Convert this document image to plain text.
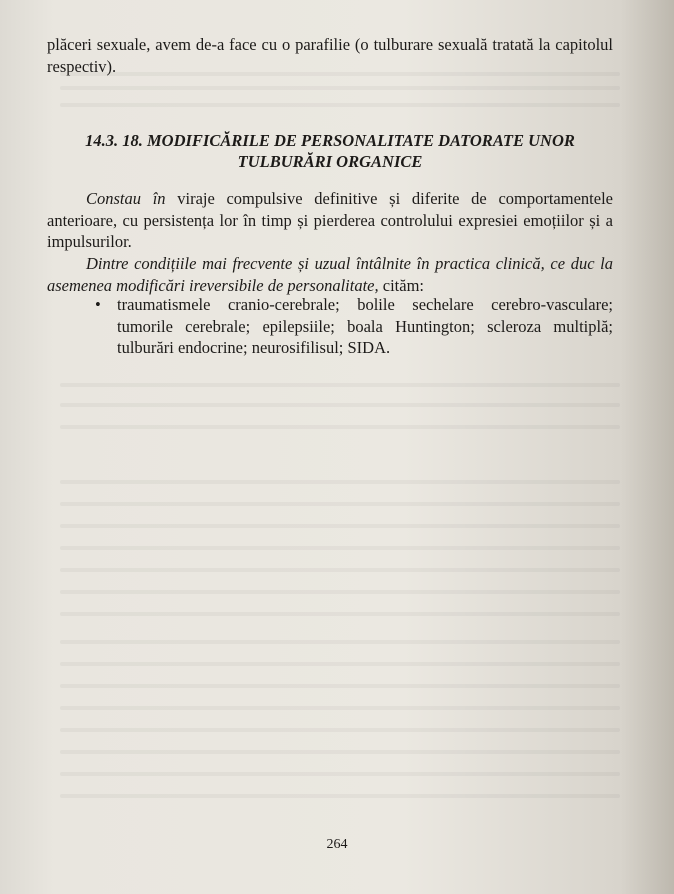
plăceri sexuale, avem de-a face cu o parafilie (o tulburare sexuală tratată la capitolul respectiv).
14.3. 18. MODIFICĂRILE DE PERSONALITATE DATORATE UNOR TULBURĂRI ORGANICE
Constau în viraje compulsive definitive și diferite de comportamentele anterioare, cu persistența lor în timp și pierderea controlului expresiei emoțiilor și a impulsurilor.
Dintre condițiile mai frecvente și uzual întâlnite în practica clinică, ce duc la asemenea modificări ireversibile de personalitate, cităm:
• traumatismele cranio-cerebrale; bolile sechelare cerebro-vasculare; tumorile cerebrale; epilepsiile; boala Huntington; scleroza multiplă; tulburări endocrine; neurosifilisul; SIDA.
264
